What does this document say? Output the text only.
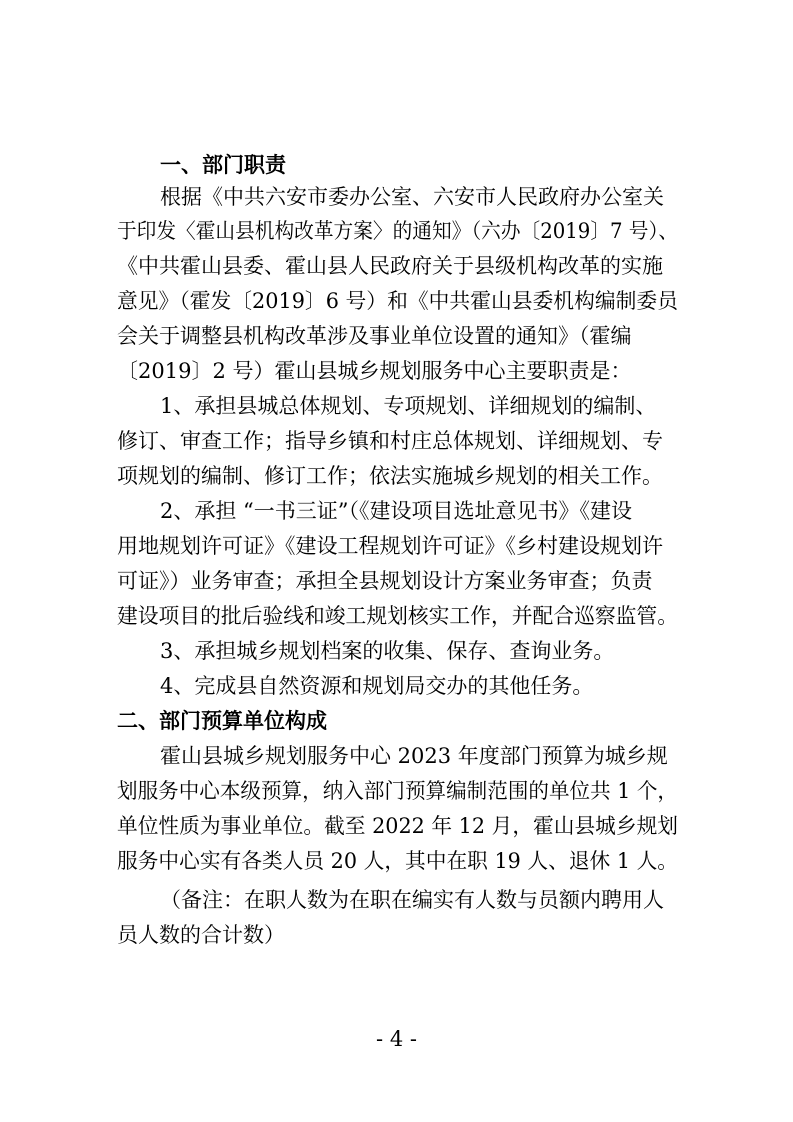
一、部门职责
根据《中共六安市委办公室、六安市人民政府办公室关
于印发〈霍山县机构改革方案〉的通知》（六办〔2019〕7 号）、
《中共霍山县委、霍山县人民政府关于县级机构改革的实施
意见》（霍发〔2019〕6 号）和《中共霍山县委机构编制委员
会关于调整县机构改革涉及事业单位设置的通知》（霍编
〔2019〕2 号）霍山县城乡规划服务中心主要职责是：
1、承担县城总体规划、专项规划、详细规划的编制、
修订、审查工作；指导乡镇和村庄总体规划、详细规划、专
项规划的编制、修订工作；依法实施城乡规划的相关工作。
2、承担 “一书三证”（《建设项目选址意见书》《建设
用地规划许可证》《建设工程规划许可证》《乡村建设规划许
可证》）业务审查；承担全县规划设计方案业务审查；负责
建设项目的批后验线和竣工规划核实工作，并配合巡察监管。
3、承担城乡规划档案的收集、保存、查询业务。
4、完成县自然资源和规划局交办的其他任务。
二、部门预算单位构成
霍山县城乡规划服务中心 2023 年度部门预算为城乡规
划服务中心本级预算，纳入部门预算编制范围的单位共 1 个，
单位性质为事业单位。截至 2022 年 12 月，霍山县城乡规划
服务中心实有各类人员 20 人，其中在职 19 人、退休 1 人。
（备注：在职人数为在职在编实有人数与员额内聘用人
员人数的合计数）
- 4 -
